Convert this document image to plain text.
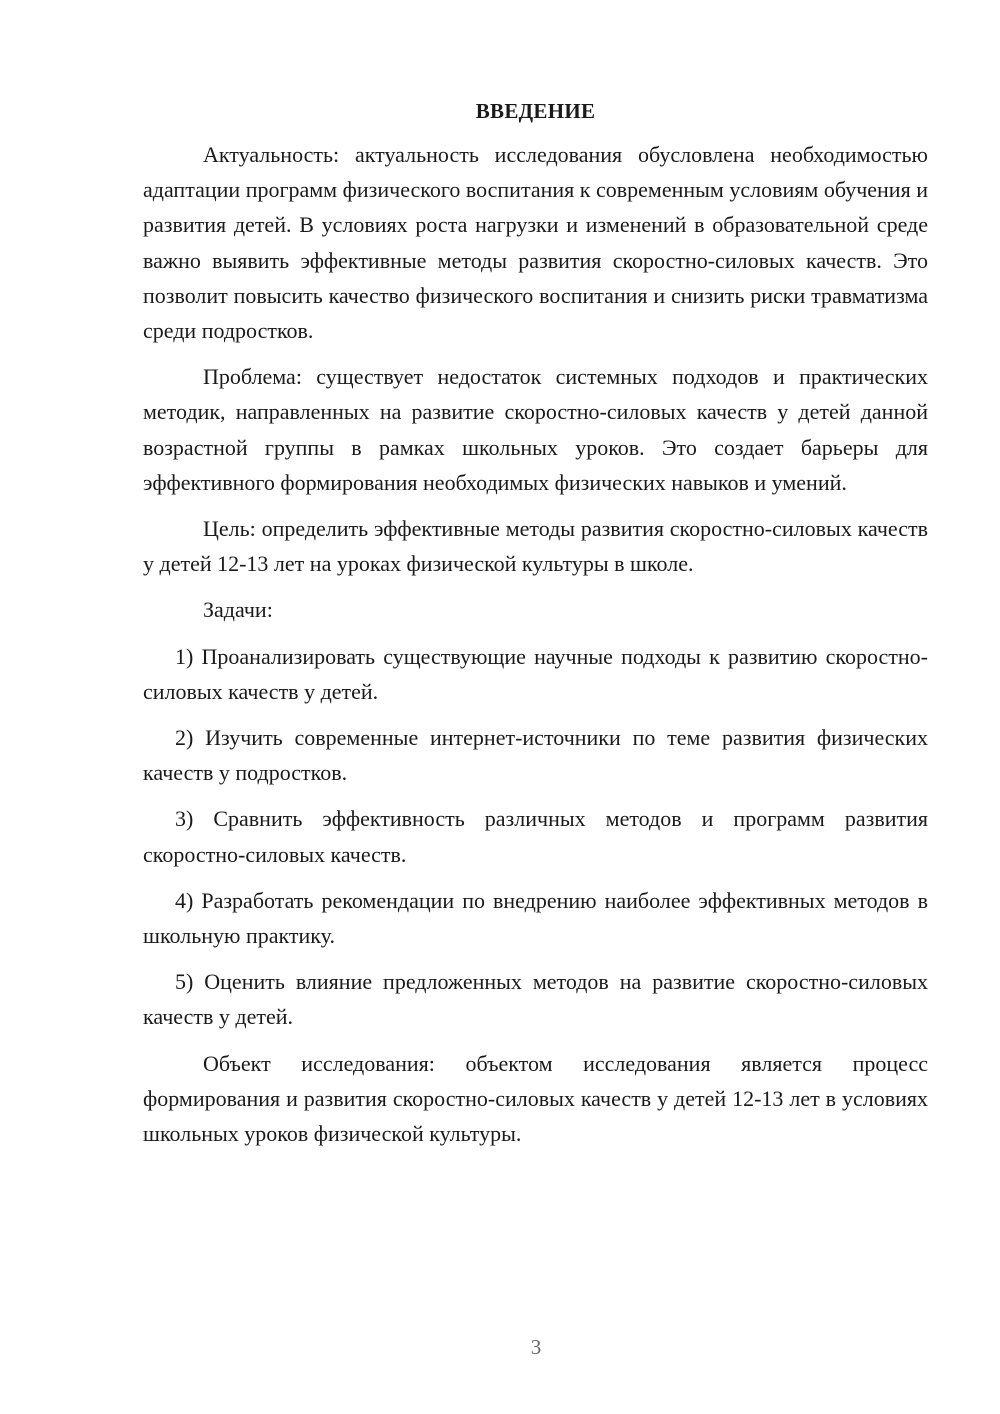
ВВЕДЕНИЕ

Актуальность: актуальность исследования обусловлена необходимостью адаптации программ физического воспитания к современным условиям обучения и развития детей. В условиях роста нагрузки и изменений в образовательной среде важно выявить эффективные методы развития скоростно-силовых качеств. Это позволит повысить качество физического воспитания и снизить риски травматизма среди подростков.

Проблема: существует недостаток системных подходов и практических методик, направленных на развитие скоростно-силовых качеств у детей данной возрастной группы в рамках школьных уроков. Это создает барьеры для эффективного формирования необходимых физических навыков и умений.

Цель: определить эффективные методы развития скоростно-силовых качеств у детей 12-13 лет на уроках физической культуры в школе.

Задачи:

1) Проанализировать существующие научные подходы к развитию скоростно-силовых качеств у детей.

2) Изучить современные интернет-источники по теме развития физических качеств у подростков.

3) Сравнить эффективность различных методов и программ развития скоростно-силовых качеств.

4) Разработать рекомендации по внедрению наиболее эффективных методов в школьную практику.

5) Оценить влияние предложенных методов на развитие скоростно-силовых качеств у детей.

Объект исследования: объектом исследования является процесс формирования и развития скоростно-силовых качеств у детей 12-13 лет в условиях школьных уроков физической культуры.

3
